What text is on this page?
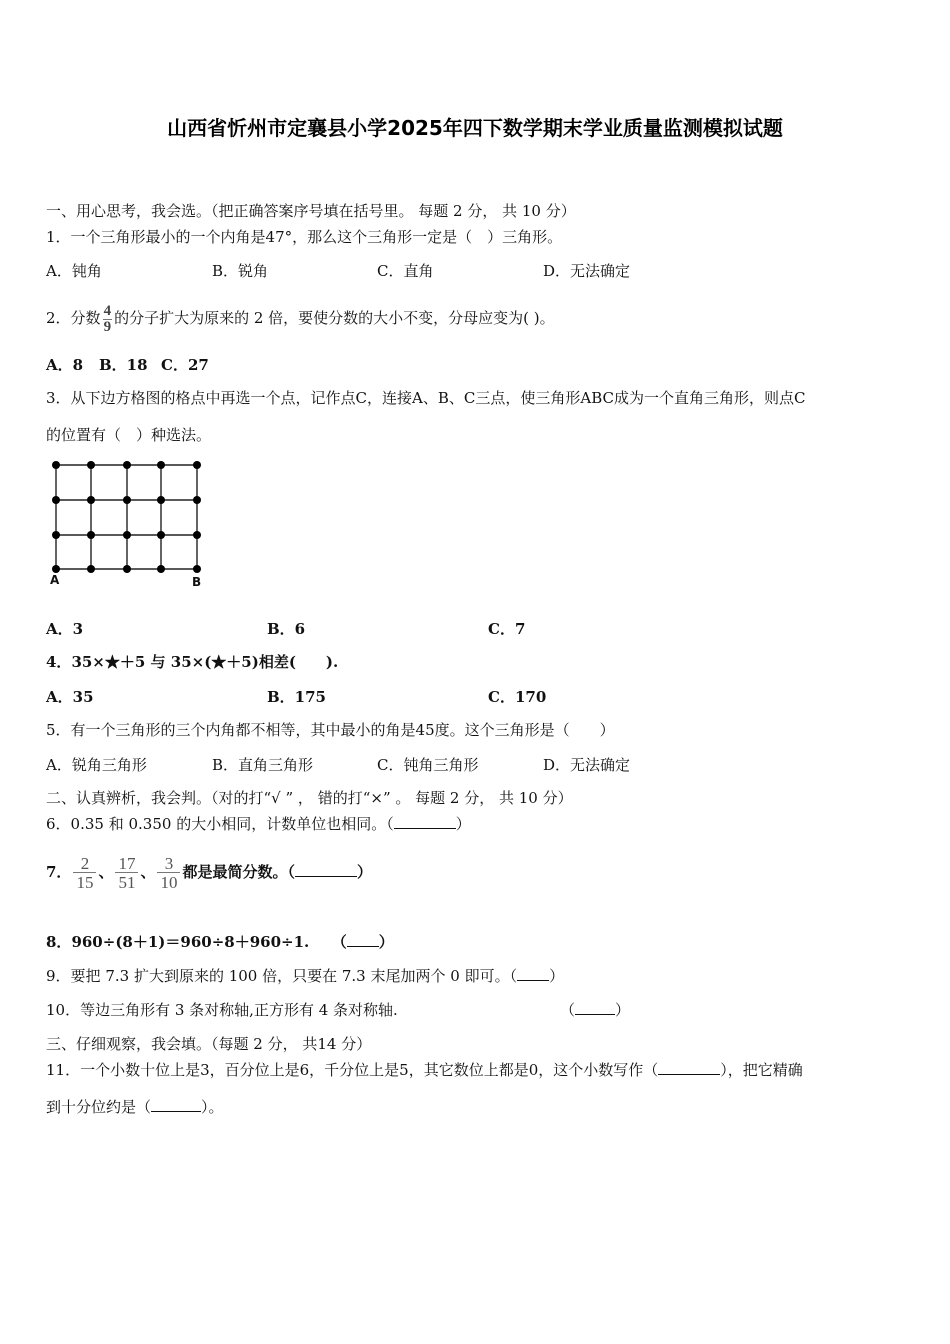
山西省忻州市定襄县小学2025年四下数学期末学业质量监测模拟试题
一、用心思考，我会选。（把正确答案序号填在括号里。 每题 2 分， 共 10 分）
1．一个三角形最小的一个内角是47°，那么这个三角形一定是（　）三角形。
A．钝角	B．锐角	C．直角	D．无法确定
2．分数 $\frac{4}{9}$ 的分子扩大为原来的 2 倍，要使分数的大小不变，分母应变为( )。
A．8 B．18 C．27
3．从下边方格图的格点中再选一个点，记作点C，连接A、B、C三点，使三角形ABC成为一个直角三角形，则点C
的位置有（　）种选法。
A	B
A．3	B．6	C．7
4．35×★＋5 与 35×(★＋5)相差(　　).
A．35	B．175	C．170
5．有一个三角形的三个内角都不相等，其中最小的角是45度。这个三角形是（　　）
A．锐角三角形	B．直角三角形	C．钝角三角形	D．无法确定
二、认真辨析，我会判。（对的打“√ ” ， 错的打“×” 。 每题 2 分， 共 10 分）
6．0.35 和 0.350 的大小相同，计数单位也相同。（	）
7． $\frac{2}{15}$ 、 $\frac{17}{51}$ 、 $\frac{3}{10}$ 都是最简分数。（	）
8．960÷(8＋1)＝960÷8＋960÷1.　　（ ）
9．要把 7.3 扩大到原来的 100 倍，只要在 7.3 末尾加两个 0 即可。（ ）
10．等边三角形有 3 条对称轴,正方形有 4 条对称轴.	（	）
三、仔细观察，我会填。（每题 2 分， 共14 分）
11．一个小数十位上是3，百分位上是6，千分位上是5，其它数位上都是0，这个小数写作（	），把它精确
到十分位约是（	）。
